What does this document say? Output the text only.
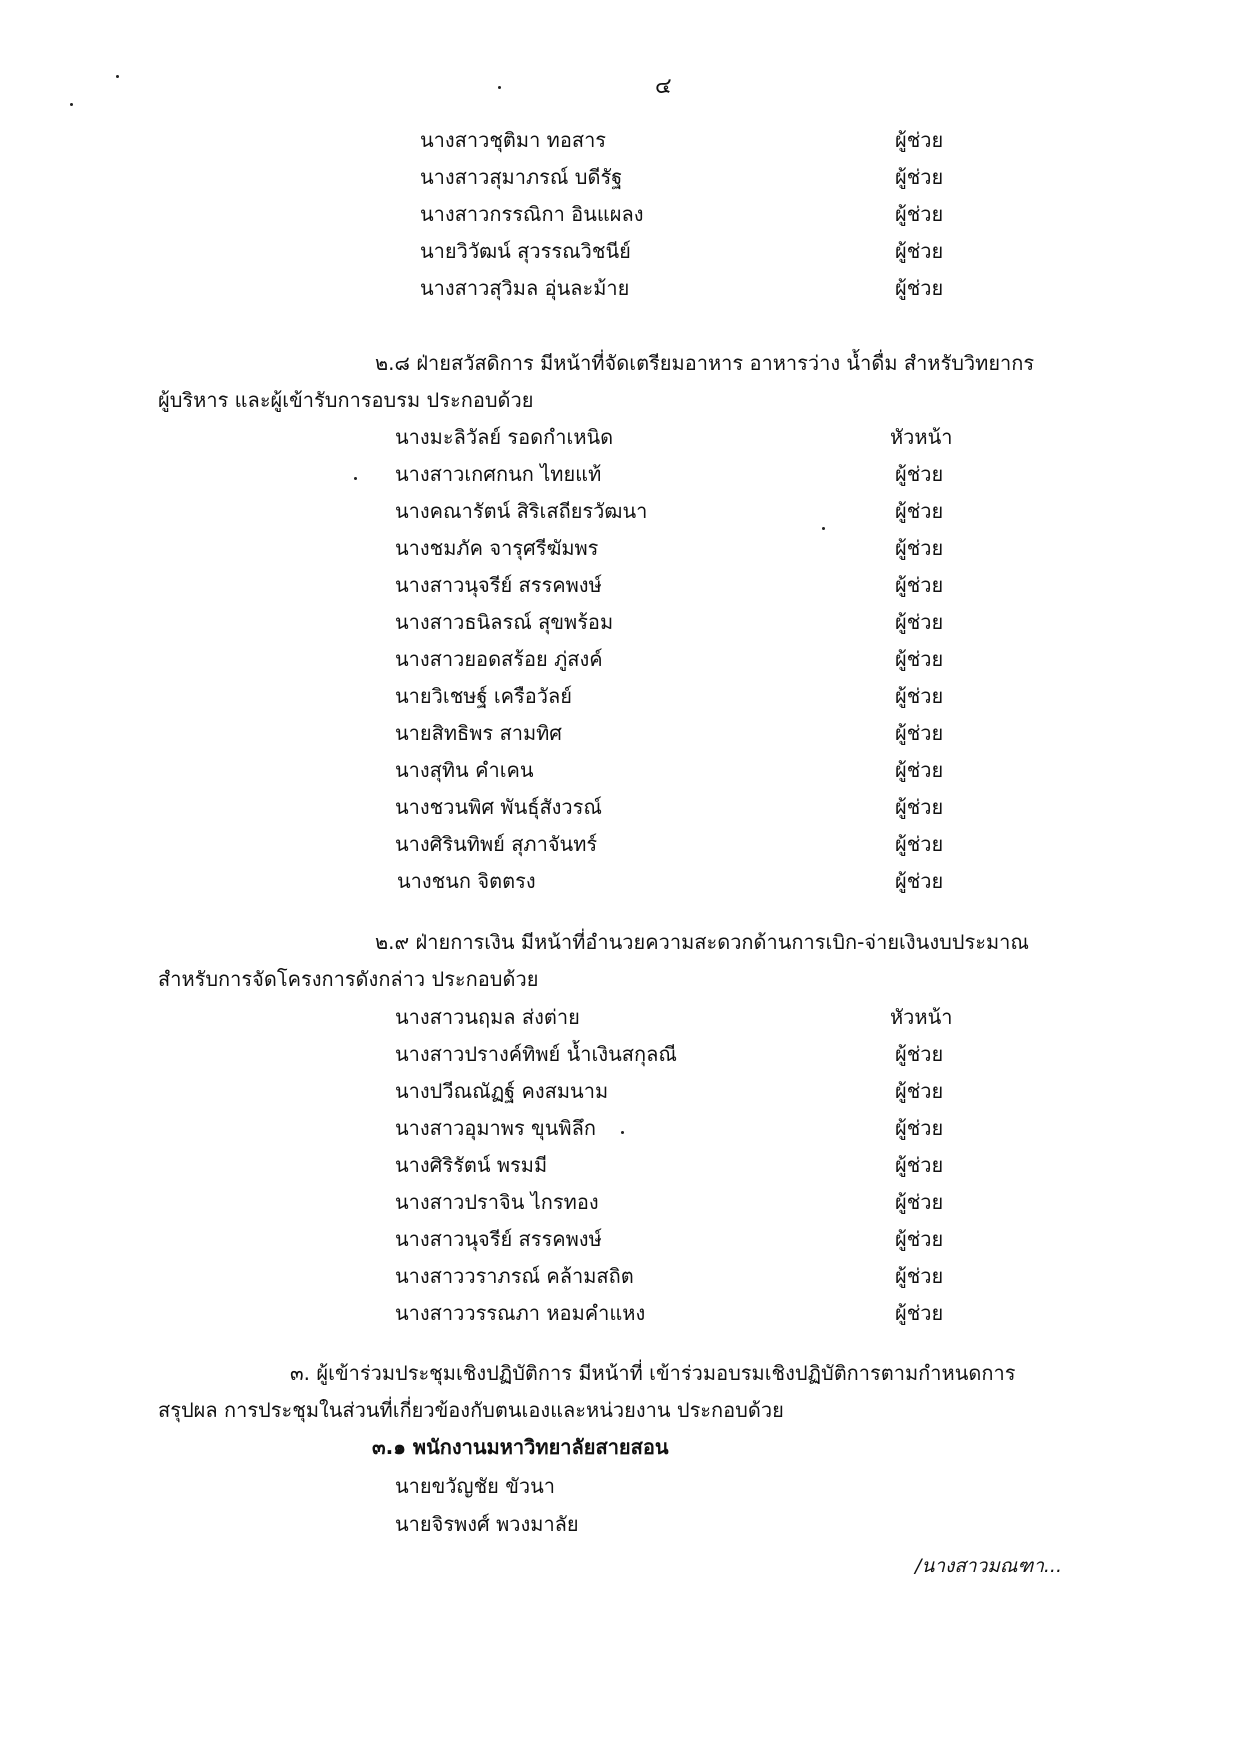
๔
นางสาวชุติมา ทอสาร	ผู้ช่วย
นางสาวสุมาภรณ์ บดีรัฐ	ผู้ช่วย
นางสาวกรรณิกา อินแผลง	ผู้ช่วย
นายวิวัฒน์ สุวรรณวิชนีย์	ผู้ช่วย
นางสาวสุวิมล อุ่นละม้าย	ผู้ช่วย
๒.๘ ฝ่ายสวัสดิการ มีหน้าที่จัดเตรียมอาหาร อาหารว่าง น้ำดื่ม สำหรับวิทยากร
ผู้บริหาร และผู้เข้ารับการอบรม ประกอบด้วย
นางมะลิวัลย์ รอดกำเหนิด	หัวหน้า
นางสาวเกศกนก ไทยแท้	ผู้ช่วย
นางคณารัตน์ สิริเสถียรวัฒนา	ผู้ช่วย
นางชมภัค จารุศรีฆัมพร	ผู้ช่วย
นางสาวนุจรีย์ สรรคพงษ์	ผู้ช่วย
นางสาวธนิลรณ์ สุขพร้อม	ผู้ช่วย
นางสาวยอดสร้อย ภู่สงค์	ผู้ช่วย
นายวิเชษฐ์ เครือวัลย์	ผู้ช่วย
นายสิทธิพร สามทิศ	ผู้ช่วย
นางสุทิน คำเคน	ผู้ช่วย
นางชวนพิศ พันธุ์สังวรณ์	ผู้ช่วย
นางศิรินทิพย์ สุภาจันทร์	ผู้ช่วย
นางชนก จิตตรง	ผู้ช่วย
๒.๙ ฝ่ายการเงิน มีหน้าที่อำนวยความสะดวกด้านการเบิก-จ่ายเงินงบประมาณ
สำหรับการจัดโครงการดังกล่าว ประกอบด้วย
นางสาวนฤมล ส่งต่าย	หัวหน้า
นางสาวปรางค์ทิพย์ น้ำเงินสกุลณี	ผู้ช่วย
นางปวีณณัฏฐ์ คงสมนาม	ผู้ช่วย
นางสาวอุมาพร ขุนพิลึก	ผู้ช่วย
นางศิริรัตน์ พรมมี	ผู้ช่วย
นางสาวปราจิน ไกรทอง	ผู้ช่วย
นางสาวนุจรีย์ สรรคพงษ์	ผู้ช่วย
นางสาววราภรณ์ คล้ามสถิต	ผู้ช่วย
นางสาววรรณภา หอมคำแหง	ผู้ช่วย
๓. ผู้เข้าร่วมประชุมเชิงปฏิบัติการ มีหน้าที่ เข้าร่วมอบรมเชิงปฏิบัติการตามกำหนดการ
สรุปผล การประชุมในส่วนที่เกี่ยวข้องกับตนเองและหน่วยงาน ประกอบด้วย
๓.๑ พนักงานมหาวิทยาลัยสายสอน
นายขวัญชัย ขัวนา
นายจิรพงศ์ พวงมาลัย
/นางสาวมณฑา...
